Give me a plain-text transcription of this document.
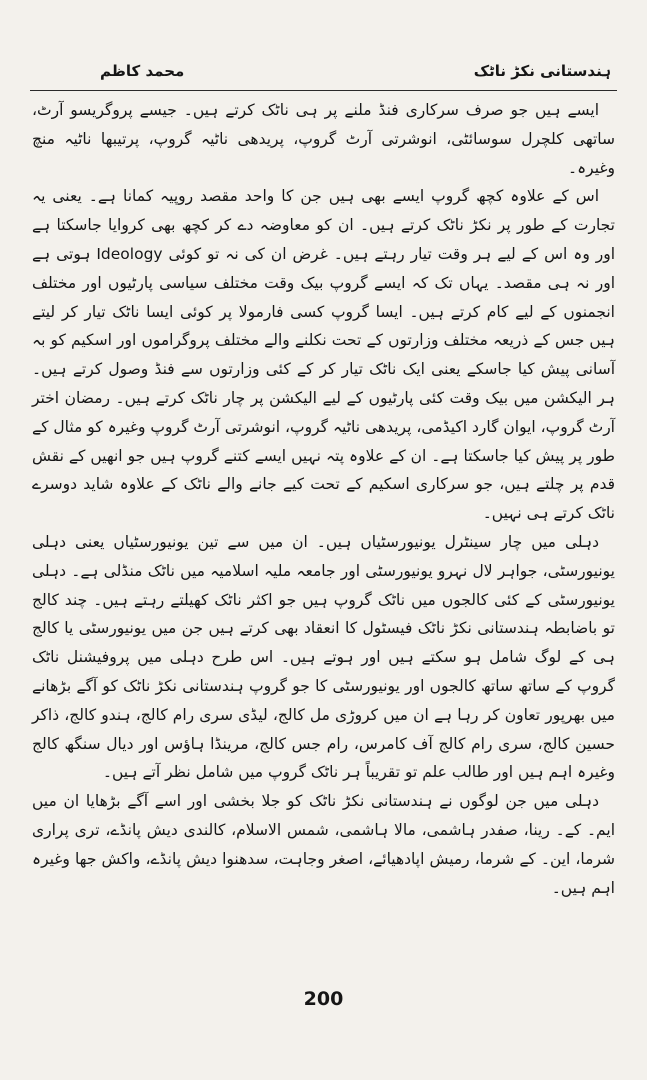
ہندستانی نکڑ ناٹک
محمد کاظم

ایسے ہیں جو صرف سرکاری فنڈ ملنے پر ہی ناٹک کرتے ہیں۔ جیسے پروگریسو آرٹ، ساتھی کلچرل سوسائٹی، انوشرتی آرٹ گروپ، پریدھی ناٹیہ گروپ، پرتیبھا ناٹیہ منچ وغیرہ۔

اس کے علاوہ کچھ گروپ ایسے بھی ہیں جن کا واحد مقصد روپیہ کمانا ہے۔ یعنی یہ تجارت کے طور پر نکڑ ناٹک کرتے ہیں۔ ان کو معاوضہ دے کر کچھ بھی کروایا جاسکتا ہے اور وہ اس کے لیے ہر وقت تیار رہتے ہیں۔ غرض ان کی نہ تو کوئی Ideology ہوتی ہے اور نہ ہی مقصد۔ یہاں تک کہ ایسے گروپ بیک وقت مختلف سیاسی پارٹیوں اور مختلف انجمنوں کے لیے کام کرتے ہیں۔ ایسا گروپ کسی فارمولا پر کوئی ایسا ناٹک تیار کر لیتے ہیں جس کے ذریعہ مختلف وزارتوں کے تحت نکلنے والے مختلف پروگراموں اور اسکیم کو بہ آسانی پیش کیا جاسکے یعنی ایک ناٹک تیار کر کے کئی وزارتوں سے فنڈ وصول کرتے ہیں۔ ہر الیکشن میں بیک وقت کئی پارٹیوں کے لیے الیکشن پر چار ناٹک کرتے ہیں۔ رمضان اختر آرٹ گروپ، ایوان گارد اکیڈمی، پریدھی ناٹیہ گروپ، انوشرتی آرٹ گروپ وغیرہ کو مثال کے طور پر پیش کیا جاسکتا ہے۔ ان کے علاوہ پتہ نہیں ایسے کتنے گروپ ہیں جو انھیں کے نقش قدم پر چلتے ہیں، جو سرکاری اسکیم کے تحت کیے جانے والے ناٹک کے علاوہ شاید دوسرے ناٹک کرتے ہی نہیں۔

دہلی میں چار سینٹرل یونیورسٹیاں ہیں۔ ان میں سے تین یونیورسٹیاں یعنی دہلی یونیورسٹی، جواہر لال نہرو یونیورسٹی اور جامعہ ملیہ اسلامیہ میں ناٹک منڈلی ہے۔ دہلی یونیورسٹی کے کئی کالجوں میں ناٹک گروپ ہیں جو اکثر ناٹک کھیلتے رہتے ہیں۔ چند کالج تو باضابطہ ہندستانی نکڑ ناٹک فیسٹول کا انعقاد بھی کرتے ہیں جن میں یونیورسٹی یا کالج ہی کے لوگ شامل ہو سکتے ہیں اور ہوتے ہیں۔ اس طرح دہلی میں پروفیشنل ناٹک گروپ کے ساتھ ساتھ کالجوں اور یونیورسٹی کا جو گروپ ہندستانی نکڑ ناٹک کو آگے بڑھانے میں بھرپور تعاون کر رہا ہے ان میں کروڑی مل کالج، لیڈی سری رام کالج، ہندو کالج، ذاکر حسین کالج، سری رام کالج آف کامرس، رام جس کالج، مرینڈا ہاؤس اور دیال سنگھ کالج وغیرہ اہم ہیں اور طالب علم تو تقریباً ہر ناٹک گروپ میں شامل نظر آتے ہیں۔

دہلی میں جن لوگوں نے ہندستانی نکڑ ناٹک کو جلا بخشی اور اسے آگے بڑھایا ان میں ایم۔ کے۔ رینا، صفدر ہاشمی، مالا ہاشمی، شمس الاسلام، کالندی دیش پانڈے، تری پراری شرما، این۔ کے شرما، رمیش اپادھیائے، اصغر وجاہت، سدھنوا دیش پانڈے، واکش جھا وغیرہ اہم ہیں۔

200
